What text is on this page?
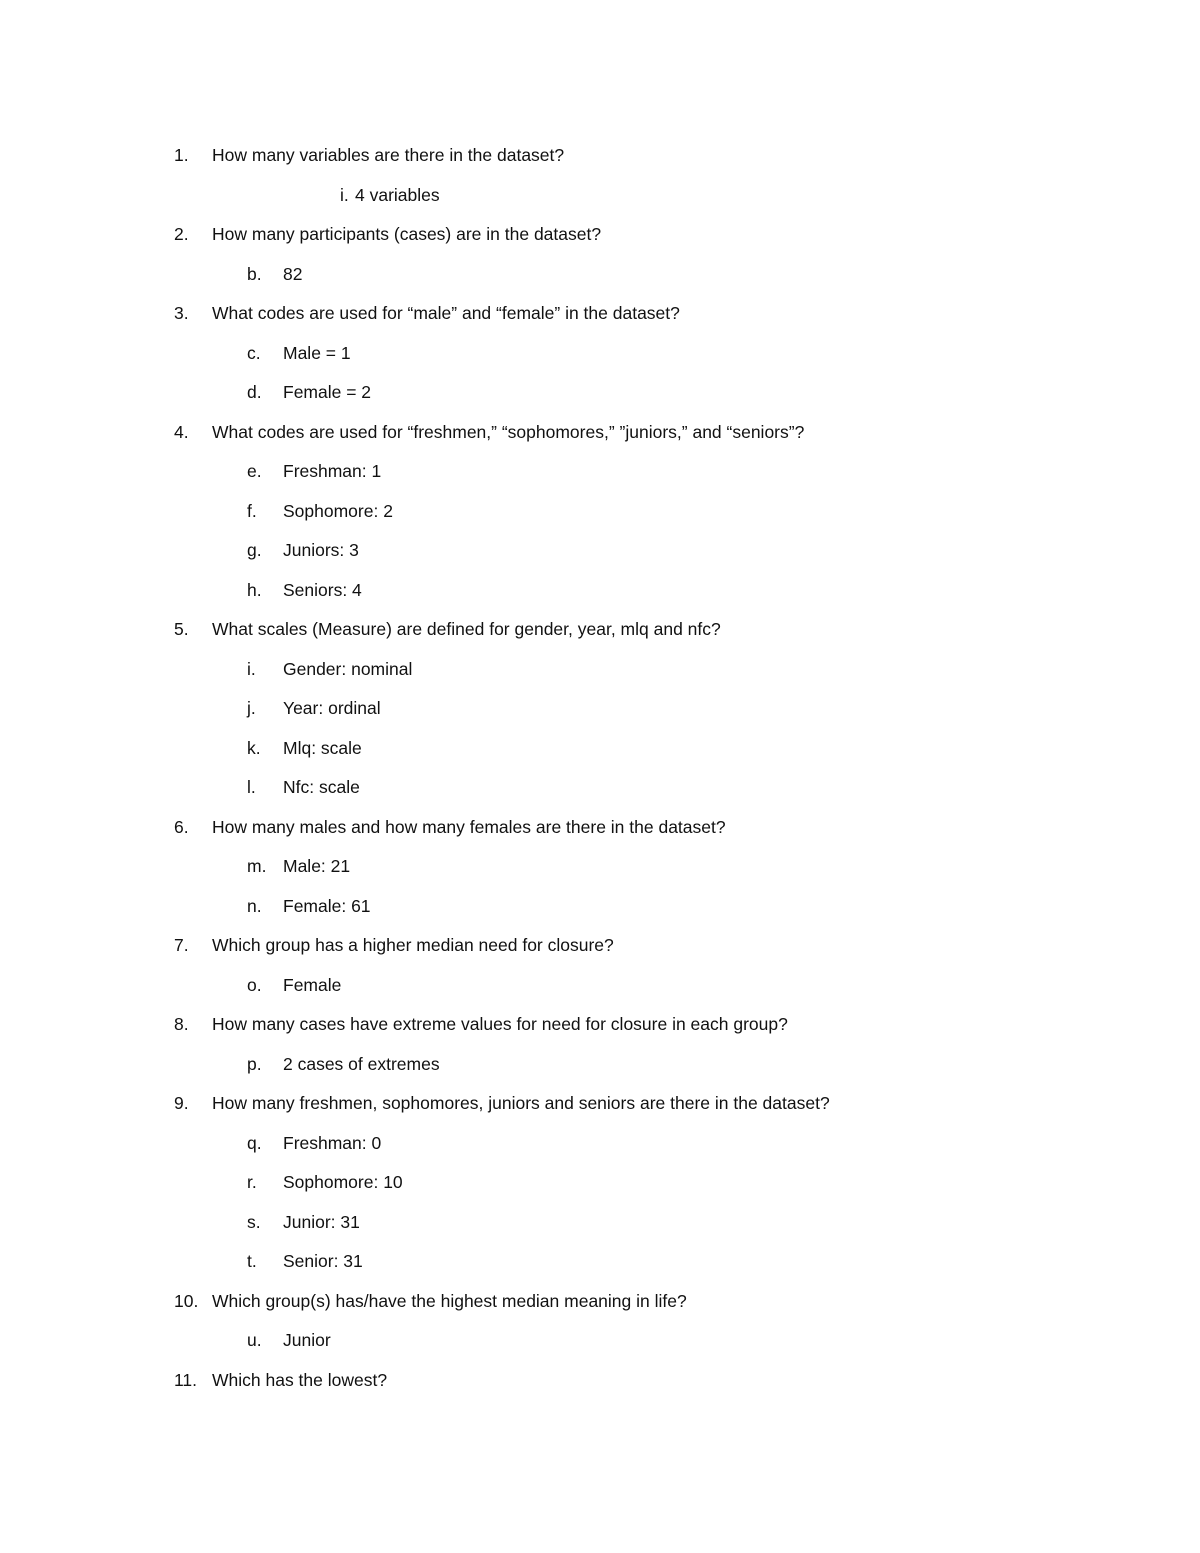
1. How many variables are there in the dataset?
i. 4 variables
2. How many participants (cases) are in the dataset?
b. 82
3. What codes are used for “male” and “female” in the dataset?
c. Male = 1
d. Female = 2
4. What codes are used for “freshmen,” “sophomores,” ”juniors,” and “seniors”?
e. Freshman: 1
f. Sophomore: 2
g. Juniors: 3
h. Seniors: 4
5. What scales (Measure) are defined for gender, year, mlq and nfc?
i. Gender: nominal
j. Year: ordinal
k. Mlq: scale
l. Nfc: scale
6. How many males and how many females are there in the dataset?
m. Male: 21
n. Female: 61
7. Which group has a higher median need for closure?
o. Female
8. How many cases have extreme values for need for closure in each group?
p. 2 cases of extremes
9. How many freshmen, sophomores, juniors and seniors are there in the dataset?
q. Freshman: 0
r. Sophomore: 10
s. Junior: 31
t. Senior: 31
10. Which group(s) has/have the highest median meaning in life?
u. Junior
11. Which has the lowest?
